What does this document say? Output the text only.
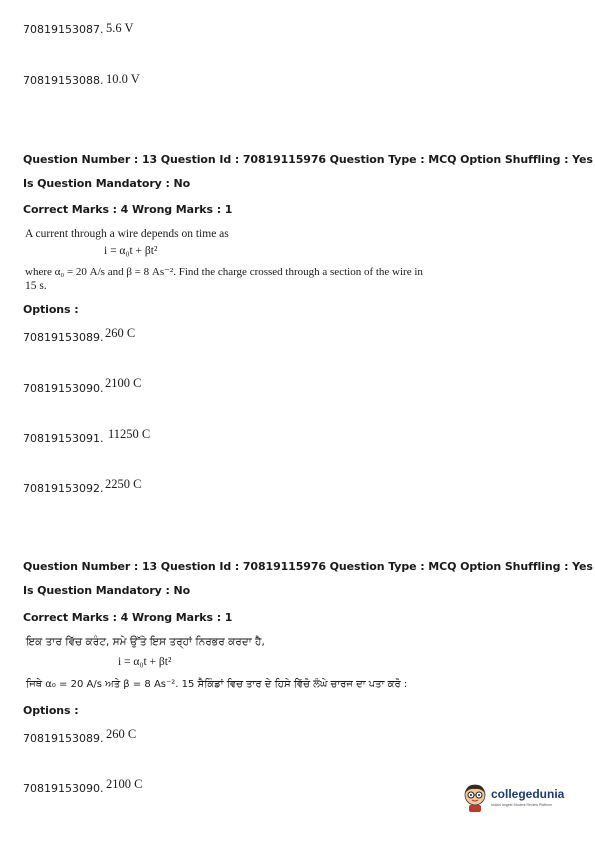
70819153087. 5.6 V
70819153088. 10.0 V
Question Number : 13 Question Id : 70819115976 Question Type : MCQ Option Shuffling : Yes
Is Question Mandatory : No
Correct Marks : 4 Wrong Marks : 1
A current through a wire depends on time as
i = α₀t + βt²
where α₀ = 20 A/s and β = 8 As⁻². Find the charge crossed through a section of the wire in
15 s.
Options :
70819153089. 260 C
70819153090. 2100 C
70819153091. 11250 C
70819153092. 2250 C
Question Number : 13 Question Id : 70819115976 Question Type : MCQ Option Shuffling : Yes
Is Question Mandatory : No
Correct Marks : 4 Wrong Marks : 1
ਇਕ ਤਾਰ ਵਿੱਚ ਕਰੰਟ, ਸਮੇ ਉੱਤੇ ਇਸ ਤਰ੍ਹਾਂ ਨਿਰਭਰ ਕਰਦਾ ਹੈ,
i = α₀t + βt²
ਜਿਥੇ α₀ = 20 A/s ਅਤੇ β = 8 As⁻². 15 ਸੈਕਿੰਡਾਂ ਵਿਚ ਤਾਰ ਦੇ ਹਿਸੇ ਵਿੱਚੋ ਲੰਘੇ ਚਾਰਜ ਦਾ ਪਤਾ ਕਰੋ :
Options :
70819153089. 260 C
70819153090. 2100 C
collegedunia
India's largest Student Review Platform
